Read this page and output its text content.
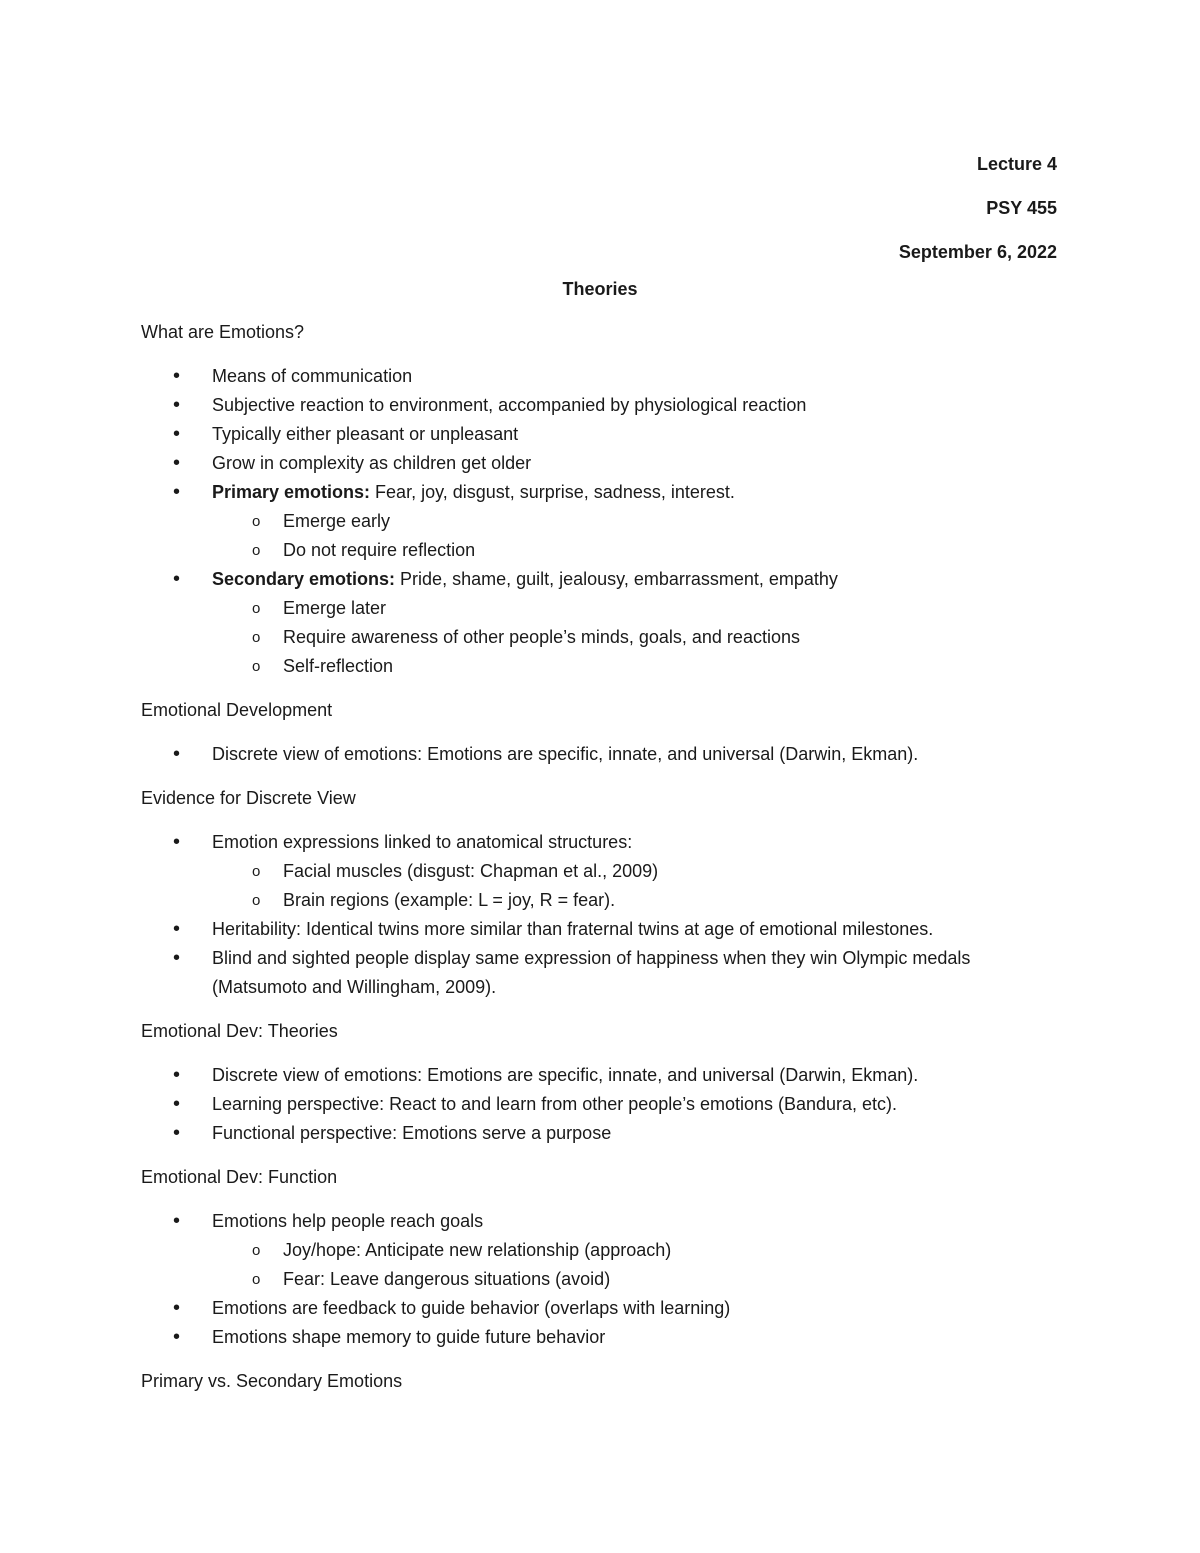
Lecture 4
PSY 455
September 6, 2022
Theories
What are Emotions?
• Means of communication
• Subjective reaction to environment, accompanied by physiological reaction
• Typically either pleasant or unpleasant
• Grow in complexity as children get older
• Primary emotions: Fear, joy, disgust, surprise, sadness, interest.
o Emerge early
o Do not require reflection
• Secondary emotions: Pride, shame, guilt, jealousy, embarrassment, empathy
o Emerge later
o Require awareness of other people’s minds, goals, and reactions
o Self-reflection
Emotional Development
• Discrete view of emotions: Emotions are specific, innate, and universal (Darwin, Ekman).
Evidence for Discrete View
• Emotion expressions linked to anatomical structures:
o Facial muscles (disgust: Chapman et al., 2009)
o Brain regions (example: L = joy, R = fear).
• Heritability: Identical twins more similar than fraternal twins at age of emotional milestones.
• Blind and sighted people display same expression of happiness when they win Olympic medals (Matsumoto and Willingham, 2009).
Emotional Dev: Theories
• Discrete view of emotions: Emotions are specific, innate, and universal (Darwin, Ekman).
• Learning perspective: React to and learn from other people’s emotions (Bandura, etc).
• Functional perspective: Emotions serve a purpose
Emotional Dev: Function
• Emotions help people reach goals
o Joy/hope: Anticipate new relationship (approach)
o Fear: Leave dangerous situations (avoid)
• Emotions are feedback to guide behavior (overlaps with learning)
• Emotions shape memory to guide future behavior
Primary vs. Secondary Emotions
